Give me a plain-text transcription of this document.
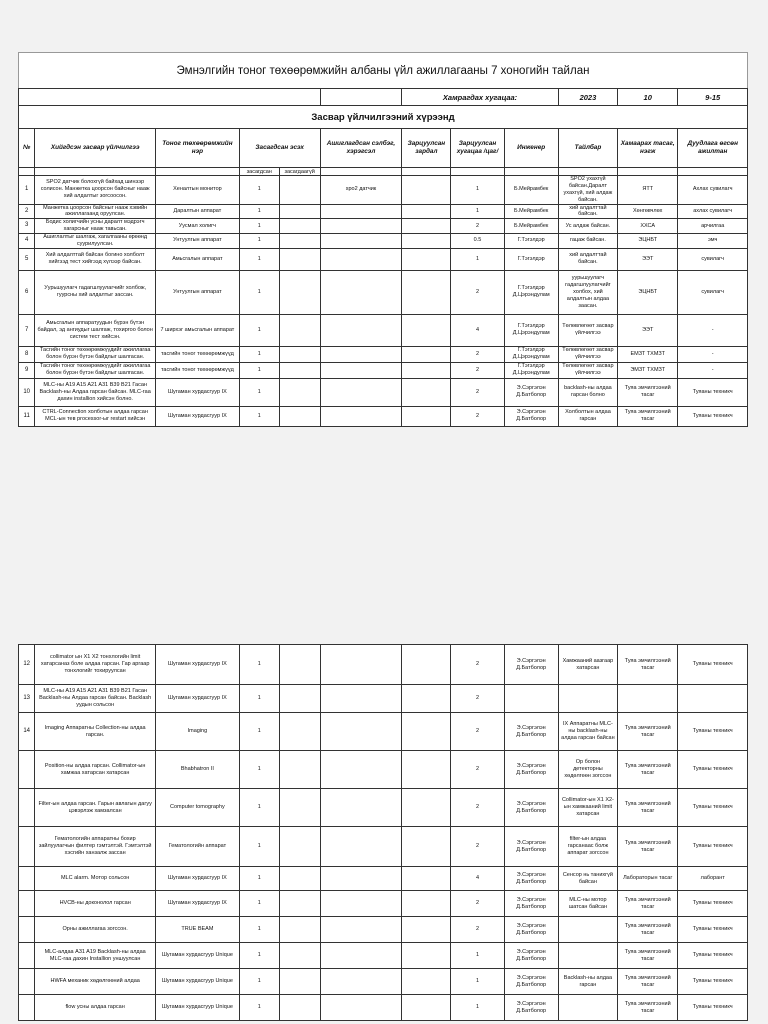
Эмнэлгийн тоног төхөөрөмжийн албаны үйл ажиллагааны 7 хоногийн тайлан
						Хамрагдах хугацаа:			2023	10	9-15
Засвар үйлчилгээний хүрээнд											
№	Хийгдсэн засвар үйлчилгээ	Тоног төхөөрөмжийн нэр	Засагдсан эсэх		Ашиглагдсан сэлбэг, хэрэгсэл	Зарцуулсан зардал	Зарцуулсан хугацаа /цаг/	Инженер	Тайлбар	Хамаарах тасаг, нэгж	Дуудлага өгсөн ажилтан
			засагдсан	засагдаагүй							
1	SPO2 датчик болохгүй байхад шинээр солисон. Манжетка цоорсон байсныг нааж хий алдалтыг зогсоосон.	Хеналтын монитор	1		spo2 датчик		1	Б.Мейрамбек	SPO2 ухахгүй байсан.Даралт ухахгүй, хий алдаж байсан.	ЯТТ	Ахлах сувилагч
2	Манжетка цоорсон байсныг нааж хэвийн ажиллагаанд оруулсан.	Даралтын аппарат	1				1	Б.Мейрамбек	хий алдалттай байсан.	Хөнгөвчлөх	ахлах сувилагч
3	Бодис холигчийн усны даралт мэдрэгч хагарсныг нааж тавьсан.	Уусмал холигч	1				2	Б.Мейрамбек	Ус алдаж байсан.	ХХСА	арчилгаа
4	Ашиглалтыг шалгаж, хагалгааны өрөөнд суурилуулсан.	Унтуулгын аппарат	1				0.5	Г.Тэгэлдэр	гацаж байсан.	ЭЦНБТ	эмч
5	Хий алдалттай байсан богино холболт хийгээд тест хийгээд хүлээр байсан.	Амьсгалын аппарат	1				1	Г.Тэгэлдэр	хий алдалттай байсан.	ЭЭТ	сувилагч
6	Уурьшуулагч гадагшлуулагчийг холбож, гуурсны хий алдалтыг засcан.	Унтуулгын аппарат	1				2	Г.Тэгэлдэр Д.Цэрэндулам	уурьшуулагч гадагшлуулагчийг холбох, хий алдалтын алдаа заасан.	ЭЦНБТ	сувилагч
7	Амьсгалын аппаратуудын бүрэн бүтэн байдал, эд ангиудыг шалгаж, тохиргоо болон систем тест хийсэн.	7 ширхэг амьсгалын аппарат	1				4	Г.Тэгэлдэр Д.Цэрэндулам	Төлөвлөгөөт засвар үйлчилгээ	ЭЭТ	-
8	Тасгийн тоног төхөөрөмжүүдийг ажиллагаа болон бүрэн бүтэн байдлыг шалгасан.	тасгийн тоног төхөөрөмжүүд	1				2	Г.Тэгэлдэр Д.Цэрэндулам	Төлөвлөгөөт засвар үйлчилгээ	ЕМЗТ ТХМЗТ	-
9	Тасгийн тоног төхөөрөмжүүдийг ажиллагаа болон бүрэн бүтэн байдлыг шалгасан.	тасгийн тоног төхөөрөмжүүд	1				2	Г.Тэгэлдэр Д.Цэрэндулам	Төлөвлөгөөт засвар үйлчилгээ	ЭМЗТ ТХМЗТ	-
10	MLC-ны A19 A15 A21 A31 B39 B21 Гасан Backlash-ны Алдаа гарсан байсан. MLC-гаа дахин installion хийсэн болно.	Шугаман хурдасгуур IX	1				2	Э.Сэргэлэн Д.Батболор	backlash-ны алдаа гарсан болно	Туяа эмчилгээний тасаг	Туяаны техникч
11	CTRL-Connection холботын алдаа гарсан MCL-ын тев processor-ыг restart хийсэн	Шугаман хурдасгуур IX	1				2	Э.Сэргэлэн Д.Батболор	Холболтын алдаа гарсан	Туяа эмчилгээний тасаг	Туяаны техникч
12	collimator ын X1 X2 тонхлогийн limit хатарсаназ боле алдаа гарсан. Гар аргаар тонхлогийг тохируулсан	Шугаман хурдасгуур IX	1				2	Э.Сэргэлэн Д.Батболор	Хамжааний аазгаар хатарсан	Туяа эмчилгээний тасаг	Туяаны техникч
13	MLC-ны A19 A15 A21 A31 B39 B21 Гасан Backlash-ны Алдаа гарсан байсан. Backlash уудын сольсон	Шугаман хурдасгуур IX	1				2				
14	Imaging Аппаратны Collection-ны алдаа гарсан.	Imaging	1				2	Э.Сэргэлэн Д.Батболор	IX Аппаратны MLC-ны backlash-ны алдаа гарсан байсан	Туяа эмчилгээний тасаг	Туяаны техникч
	Position-ны алдаа гарсан. Collimator-ын хамжаа хатарсан хатарсан	Bhabhatron II	1				2	Э.Сэргэлэн Д.Батболор	Ор болон детекторны хөдөлгөөн зогссон	Туяа эмчилгээний тасаг	Туяаны техникч
	Filter-ын алдаа гарсан. Гарын авлагын дагуу цэвэрлэж хамзалсан	Computer tomography	1				2	Э.Сэргэлэн Д.Батболор	Collimator-ын X1 X2-ын хамжааний limit хатарсан	Туяа эмчилгээний тасаг	Туяаны техникч
	Гематологийн аппаратны бохир зайлуулагчын филтер гэмтэлтэй. Гэмтэлтэй хэсгийн ханзалж засcан	Гематологийн аппарат	1				2	Э.Сэргэлэн Д.Батболор	filter-ын алдаа гарсанаас болж аппарат зогссон	Туяа эмчилгээний тасаг	Туяаны техникч
	MLC alarm. Мотор сольсон	Шугаман хурдасгуур IX	1				4	Э.Сэргэлэн Д.Батболор	Сенсор нь танихгүй байсан	Лабораторын тасаг	лаборант
	HVCB-ны доконолол гарсан	Шугаман хурдасгуур IX	1				2	Э.Сэргэлэн Д.Батболор	MLC-ны мотор шатсан байсан	Туяа эмчилгээний тасаг	Туяаны техникч
	Орны ажиллагаа зогссон.	TRUE BEAM	1				2	Э.Сэргэлэн Д.Батболор		Туяа эмчилгээний тасаг	Туяаны техникч
	MLC-алдаа A31 A19 Backlash-ны алдаа MLC-гаа дахин Installion уншуулсан	Шугаман хурдасгуур Unique	1				1	Э.Сэргэлэн Д.Батболор		Туяа эмчилгээний тасаг	Туяаны техникч
	HWFA механик хөдөлгөөний алдаа	Шугаман хурдасгуур Unique	1				1	Э.Сэргэлэн Д.Батболор	Backlash-ны алдаа гарсан	Туяа эмчилгээний тасаг	Туяаны техникч
	flow усны алдаа гарсан	Шугаман хурдасгуур Unique	1				1	Э.Сэргэлэн Д.Батболор		Туяа эмчилгээний тасаг	Туяаны техникч
